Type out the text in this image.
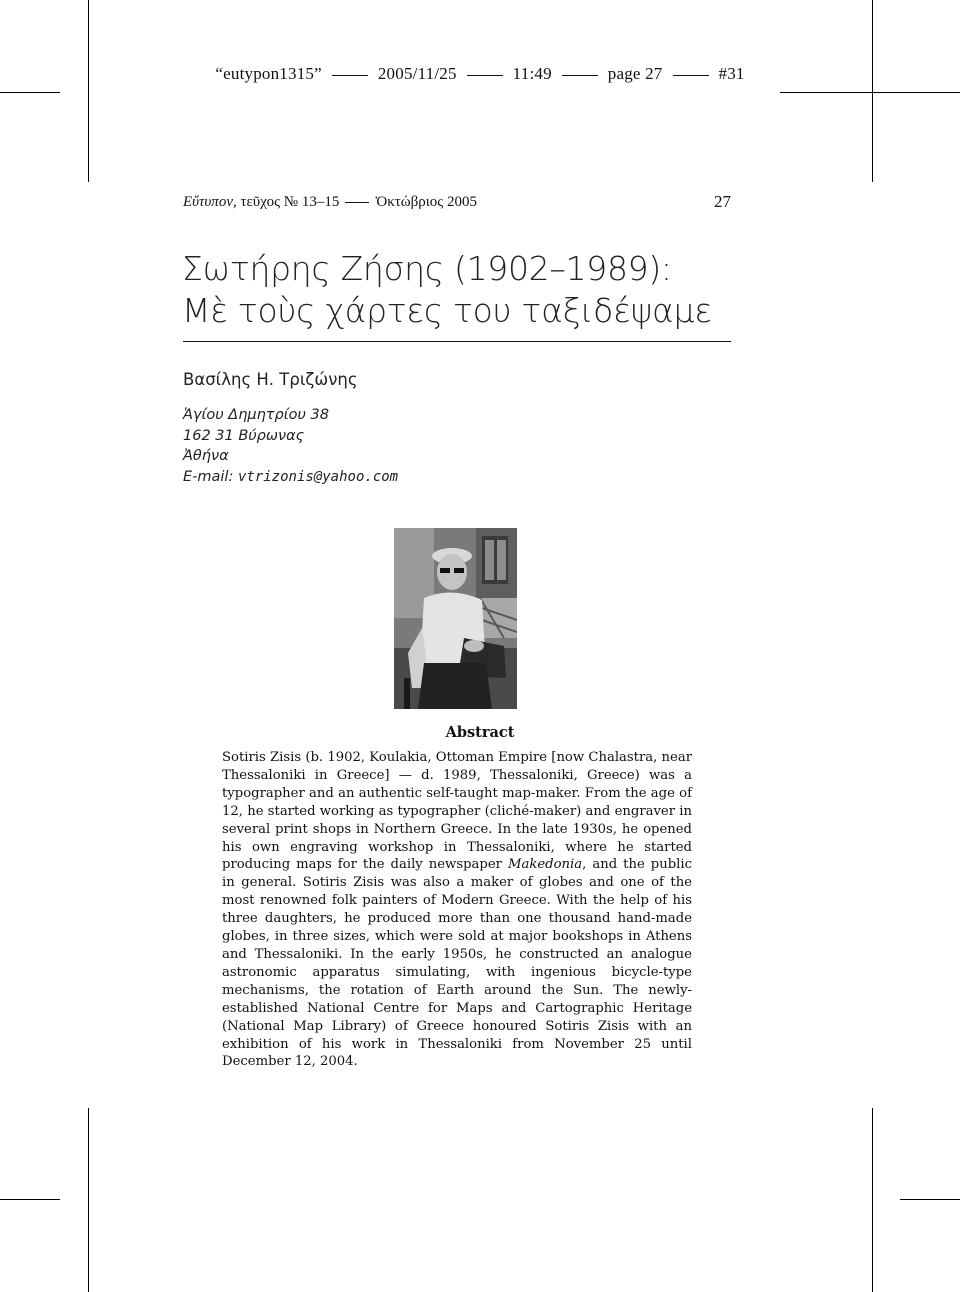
“eutypon1315”	2005/11/25	11:49	page 27	#31
Εὔτυπον, τεῦχος № 13–15 Ὀκτώβριος 2005	27
Σωτήρης Ζήσης (1902–1989):
Μὲ τοὺς χάρτες του ταξιδέψαμε
Βασίλης Η. Τριζώνης
Ἁγίου Δημητρίου 38
162 31 Βύρωνας
Ἀθήνα
E-mail: vtrizonis@yahoo.com
Abstract
Sotiris Zisis (b. 1902, Koulakia, Ottoman Empire [now Chalastra, near Thessaloniki in Greece] — d. 1989, Thessaloniki, Greece) was a typographer and an authentic self-taught map-maker. From the age of 12, he started working as typographer (cliché-maker) and engraver in several print shops in Northern Greece. In the late 1930s, he opened his own engraving workshop in Thessaloniki, where he started producing maps for the daily newspaper Makedonia, and the public in general. Sotiris Zisis was also a maker of globes and one of the most renowned folk painters of Modern Greece. With the help of his three daughters, he produced more than one thousand hand-made globes, in three sizes, which were sold at major bookshops in Athens and Thessaloniki. In the early 1950s, he constructed an analogue astronomic apparatus simulating, with ingenious bicycle-type mechanisms, the rotation of Earth around the Sun. The newly-established National Centre for Maps and Cartographic Heritage (National Map Library) of Greece honoured Sotiris Zisis with an exhibition of his work in Thessaloniki from November 25 until December 12, 2004.
